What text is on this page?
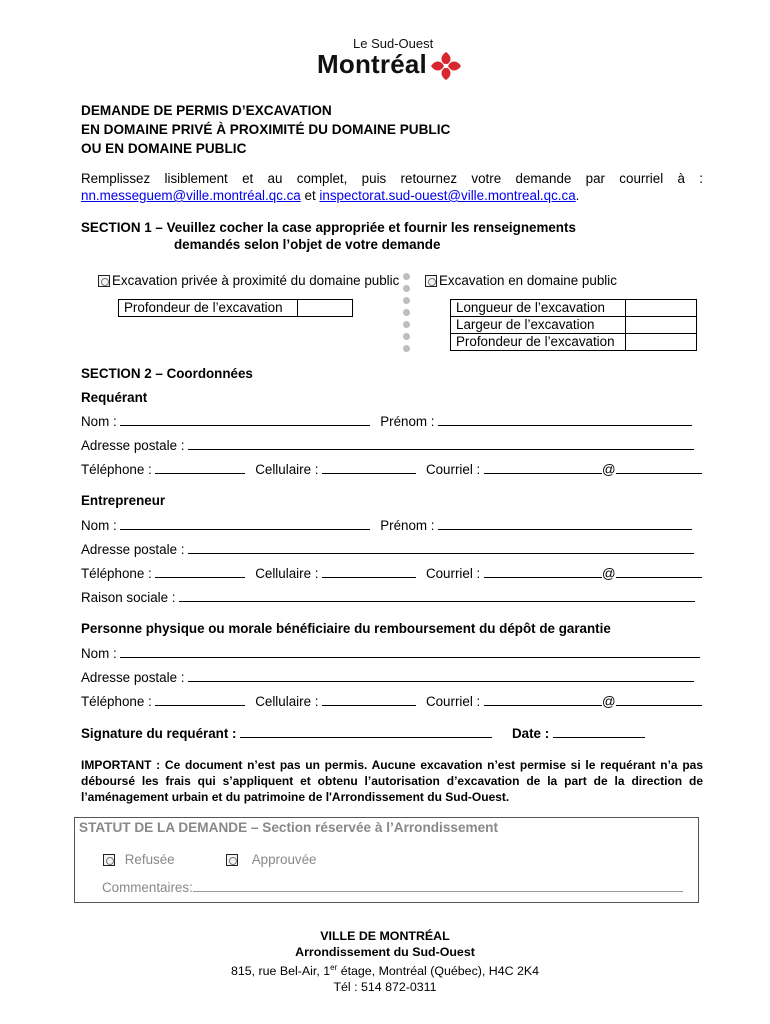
Le Sud-Ouest
Montréal
DEMANDE DE PERMIS D’EXCAVATION
EN DOMAINE PRIVÉ À PROXIMITÉ DU DOMAINE PUBLIC
OU EN DOMAINE PUBLIC
Remplissez lisiblement et au complet, puis retournez votre demande par courriel à :
nn.messeguem@ville.montréal.qc.ca et inspectorat.sud-ouest@ville.montreal.qc.ca.
SECTION 1 – Veuillez cocher la case appropriée et fournir les renseignements
demandés selon l’objet de votre demande
Excavation privée à proximité du domaine public
Profondeur de l’excavation	
Excavation en domaine public
Longueur de l’excavation	
Largeur de l’excavation	
Profondeur de l’excavation	
SECTION 2 – Coordonnées
Requérant
Nom :	Prénom :
Adresse postale :
Téléphone :	Cellulaire :	Courriel :	@
Entrepreneur
Nom :	Prénom :
Adresse postale :
Téléphone :	Cellulaire :	Courriel :	@
Raison sociale :
Personne physique ou morale bénéficiaire du remboursement du dépôt de garantie
Nom :
Adresse postale :
Téléphone :	Cellulaire :	Courriel :	@
Signature du requérant :	Date :
IMPORTANT : Ce document n’est pas un permis. Aucune excavation n’est permise si le requérant n’a pas déboursé les frais qui s’appliquent et obtenu l’autorisation d’excavation de la part de la direction de l’aménagement urbain et du patrimoine de l'Arrondissement du Sud-Ouest.
STATUT DE LA DEMANDE – Section réservée à l’Arrondissement
Refusée	Approuvée
Commentaires:
VILLE DE MONTRÉAL
Arrondissement du Sud-Ouest
815, rue Bel-Air, 1er étage, Montréal (Québec), H4C 2K4
Tél : 514 872-0311
